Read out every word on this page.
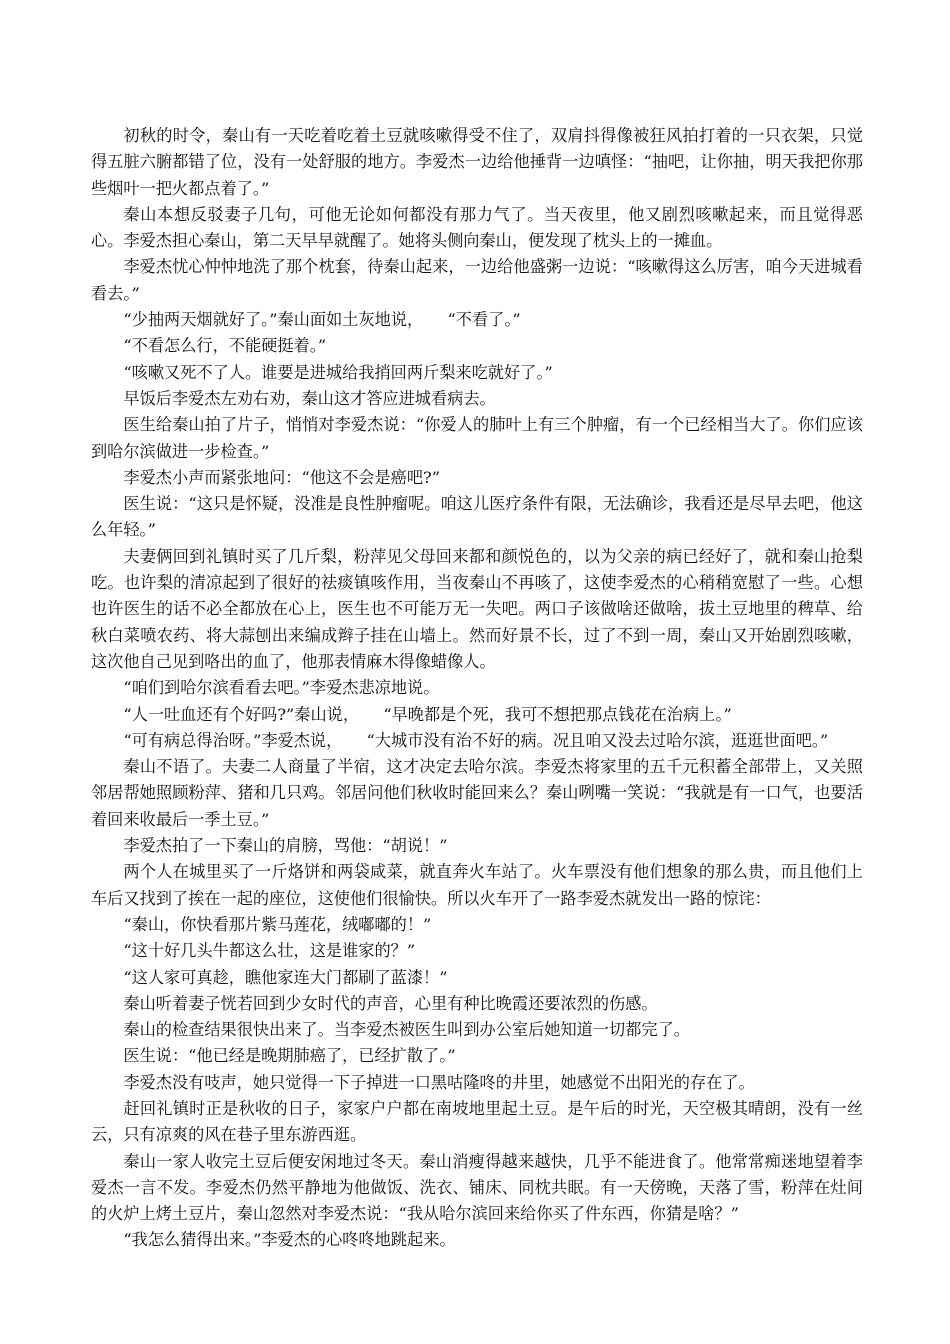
初秋的时令，秦山有一天吃着吃着土豆就咳嗽得受不住了，双肩抖得像被狂风拍打着的一只衣架，只觉得五脏六腑都错了位，没有一处舒服的地方。李爱杰一边给他捶背一边嗔怪：“抽吧，让你抽，明天我把你那些烟叶一把火都点着了。”

秦山本想反驳妻子几句，可他无论如何都没有那力气了。当天夜里，他又剧烈咳嗽起来，而且觉得恶心。李爱杰担心秦山，第二天早早就醒了。她将头侧向秦山，便发现了枕头上的一摊血。

李爱杰忧心忡忡地洗了那个枕套，待秦山起来，一边给他盛粥一边说：“咳嗽得这么厉害，咱今天进城看看去。”

“少抽两天烟就好了。”秦山面如土灰地说，　　“不看了。”

“不看怎么行，不能硬挺着。”

“咳嗽又死不了人。谁要是进城给我捎回两斤梨来吃就好了。”

早饭后李爱杰左劝右劝，秦山这才答应进城看病去。

医生给秦山拍了片子，悄悄对李爱杰说：“你爱人的肺叶上有三个肿瘤，有一个已经相当大了。你们应该到哈尔滨做进一步检查。”

李爱杰小声而紧张地问：“他这不会是癌吧?”

医生说：“这只是怀疑，没准是良性肿瘤呢。咱这儿医疗条件有限，无法确诊，我看还是尽早去吧，他这么年轻。”

夫妻俩回到礼镇时买了几斤梨，粉萍见父母回来都和颜悦色的，以为父亲的病已经好了，就和秦山抢梨吃。也许梨的清凉起到了很好的祛痰镇咳作用，当夜秦山不再咳了，这使李爱杰的心稍稍宽慰了一些。心想也许医生的话不必全都放在心上，医生也不可能万无一失吧。两口子该做啥还做啥，拔土豆地里的稗草、给秋白菜喷农药、将大蒜刨出来编成辫子挂在山墙上。然而好景不长，过了不到一周，秦山又开始剧烈咳嗽，这次他自己见到咯出的血了，他那表情麻木得像蜡像人。

“咱们到哈尔滨看看去吧。”李爱杰悲凉地说。

“人一吐血还有个好吗?”秦山说，　　“早晚都是个死，我可不想把那点钱花在治病上。”

“可有病总得治呀。”李爱杰说，　　“大城市没有治不好的病。况且咱又没去过哈尔滨，逛逛世面吧。”

秦山不语了。夫妻二人商量了半宿，这才决定去哈尔滨。李爱杰将家里的五千元积蓄全部带上，又关照邻居帮她照顾粉萍、猪和几只鸡。邻居问他们秋收时能回来么？秦山咧嘴一笑说：“我就是有一口气，也要活着回来收最后一季土豆。”

李爱杰拍了一下秦山的肩膀，骂他：“胡说！”

两个人在城里买了一斤烙饼和两袋咸菜，就直奔火车站了。火车票没有他们想象的那么贵，而且他们上车后又找到了挨在一起的座位，这使他们很愉快。所以火车开了一路李爱杰就发出一路的惊诧：

“秦山，你快看那片紫马莲花，绒嘟嘟的！”

“这十好几头牛都这么壮，这是谁家的？”

“这人家可真趁，瞧他家连大门都刷了蓝漆！”

秦山听着妻子恍若回到少女时代的声音，心里有种比晚霞还要浓烈的伤感。

秦山的检查结果很快出来了。当李爱杰被医生叫到办公室后她知道一切都完了。

医生说：“他已经是晚期肺癌了，已经扩散了。”

李爱杰没有吱声，她只觉得一下子掉进一口黑咕隆咚的井里，她感觉不出阳光的存在了。

赶回礼镇时正是秋收的日子，家家户户都在南坡地里起土豆。是午后的时光，天空极其晴朗，没有一丝云，只有凉爽的风在巷子里东游西逛。

秦山一家人收完土豆后便安闲地过冬天。秦山消瘦得越来越快，几乎不能进食了。他常常痴迷地望着李爱杰一言不发。李爱杰仍然平静地为他做饭、洗衣、铺床、同枕共眠。有一天傍晚，天落了雪，粉萍在灶间的火炉上烤土豆片，秦山忽然对李爱杰说：“我从哈尔滨回来给你买了件东西，你猜是啥？”

“我怎么猜得出来。”李爱杰的心咚咚地跳起来。
